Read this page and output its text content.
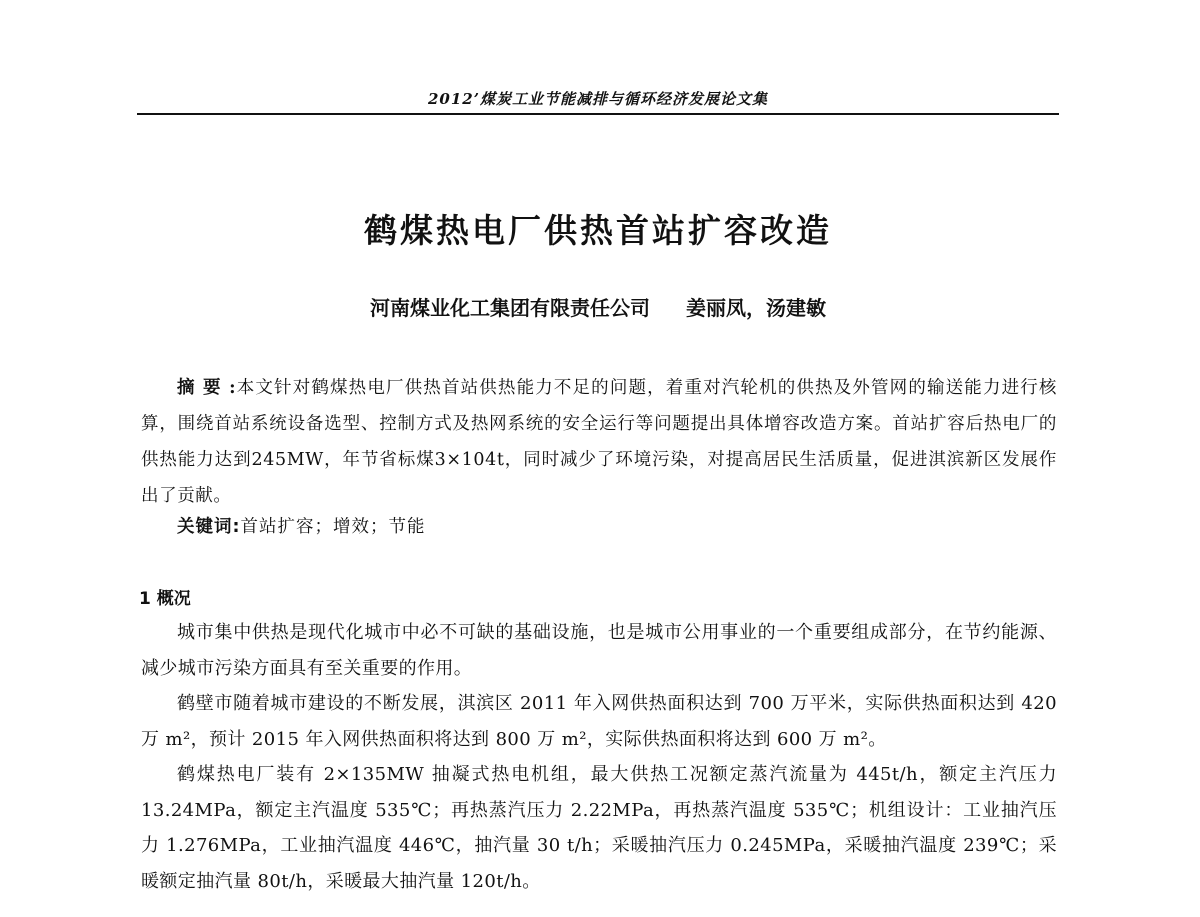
2012’煤炭工业节能减排与循环经济发展论文集
鹤煤热电厂供热首站扩容改造
河南煤业化工集团有限责任公司 姜丽凤，汤建敏
摘要:本文针对鹤煤热电厂供热首站供热能力不足的问题，着重对汽轮机的供热及外管网的输送能力进行核算，围绕首站系统设备选型、控制方式及热网系统的安全运行等问题提出具体增容改造方案。首站扩容后热电厂的供热能力达到245MW，年节省标煤3×104t，同时减少了环境污染，对提高居民生活质量，促进淇滨新区发展作出了贡献。
关键词:首站扩容；增效；节能
1 概况

城市集中供热是现代化城市中必不可缺的基础设施，也是城市公用事业的一个重要组成部分，在节约能源、减少城市污染方面具有至关重要的作用。

鹤壁市随着城市建设的不断发展，淇滨区 2011 年入网供热面积达到 700 万平米，实际供热面积达到 420 万 m²，预计 2015 年入网供热面积将达到 800 万 m²，实际供热面积将达到 600 万 m²。

鹤煤热电厂装有 2×135MW 抽凝式热电机组，最大供热工况额定蒸汽流量为 445t/h，额定主汽压力 13.24MPa，额定主汽温度 535℃；再热蒸汽压力 2.22MPa，再热蒸汽温度 535℃；机组设计：工业抽汽压力 1.276MPa，工业抽汽温度 446℃，抽汽量 30 t/h；采暖抽汽压力 0.245MPa，采暖抽汽温度 239℃；采暖额定抽汽量 80t/h，采暖最大抽汽量 120t/h。
